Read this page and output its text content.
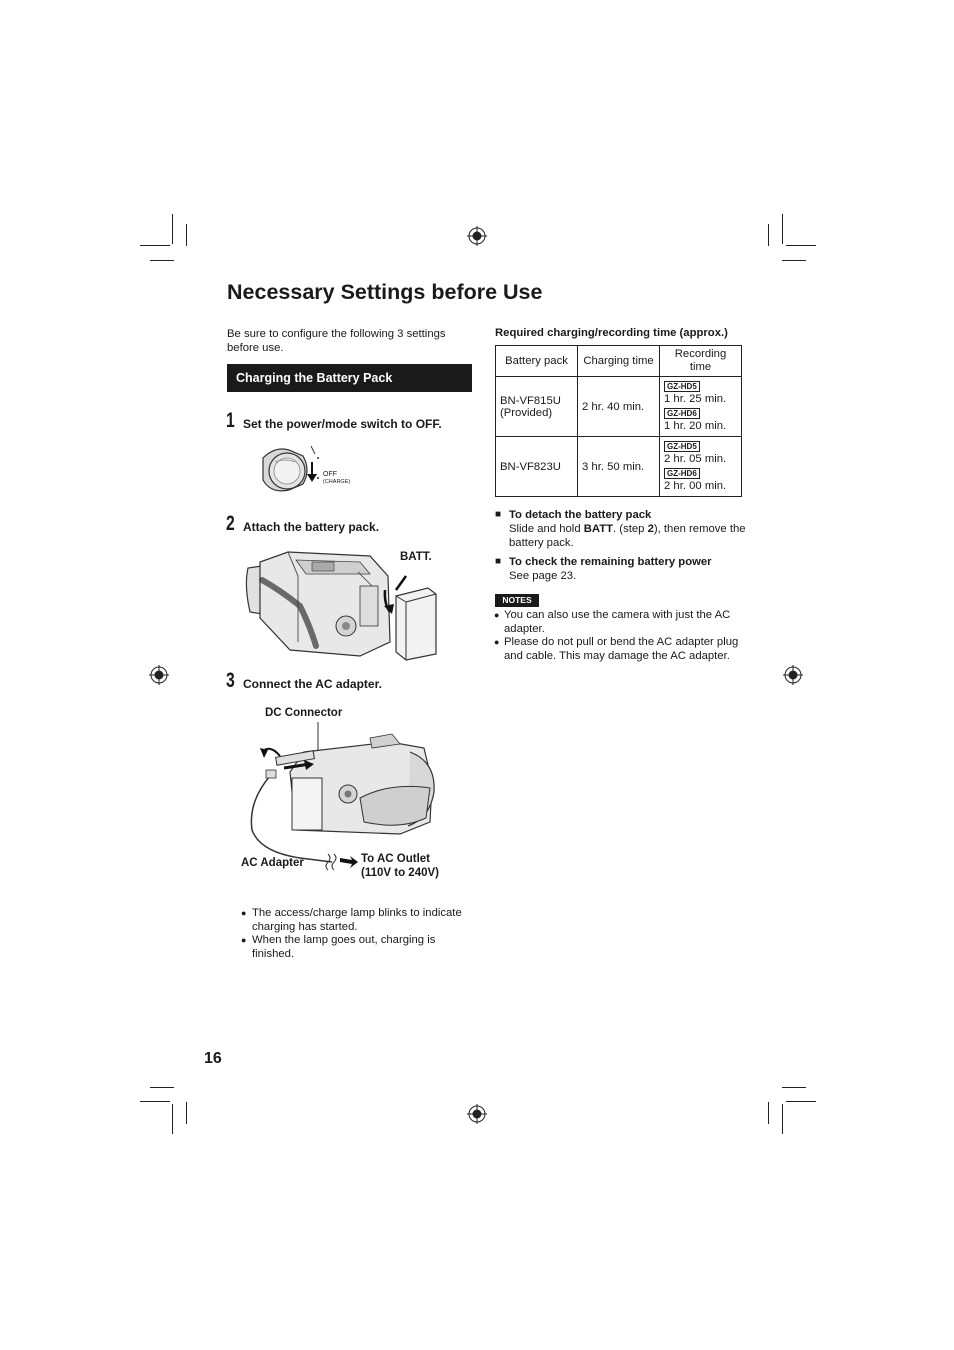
Necessary Settings before Use
Be sure to configure the following 3 settings before use.
Charging the Battery Pack
1 Set the power/mode switch to OFF.
OFF
(CHARGE)
2 Attach the battery pack.
BATT.
3 Connect the AC adapter.
DC Connector
AC Adapter	To AC Outlet
(110V to 240V)
● The access/charge lamp blinks to indicate charging has started.
● When the lamp goes out, charging is finished.
Required charging/recording time (approx.)
Battery pack	Charging time	Recording time
BN-VF815U
(Provided)	2 hr. 40 min.	GZ-HD5
1 hr. 25 min.
GZ-HD6
1 hr. 20 min.
BN-VF823U	3 hr. 50 min.	GZ-HD5
2 hr. 05 min.
GZ-HD6
2 hr. 00 min.
■ To detach the battery pack
Slide and hold BATT. (step 2), then remove the battery pack.
■ To check the remaining battery power
See page 23.
NOTES
● You can also use the camera with just the AC adapter.
● Please do not pull or bend the AC adapter plug and cable. This may damage the AC adapter.
16
